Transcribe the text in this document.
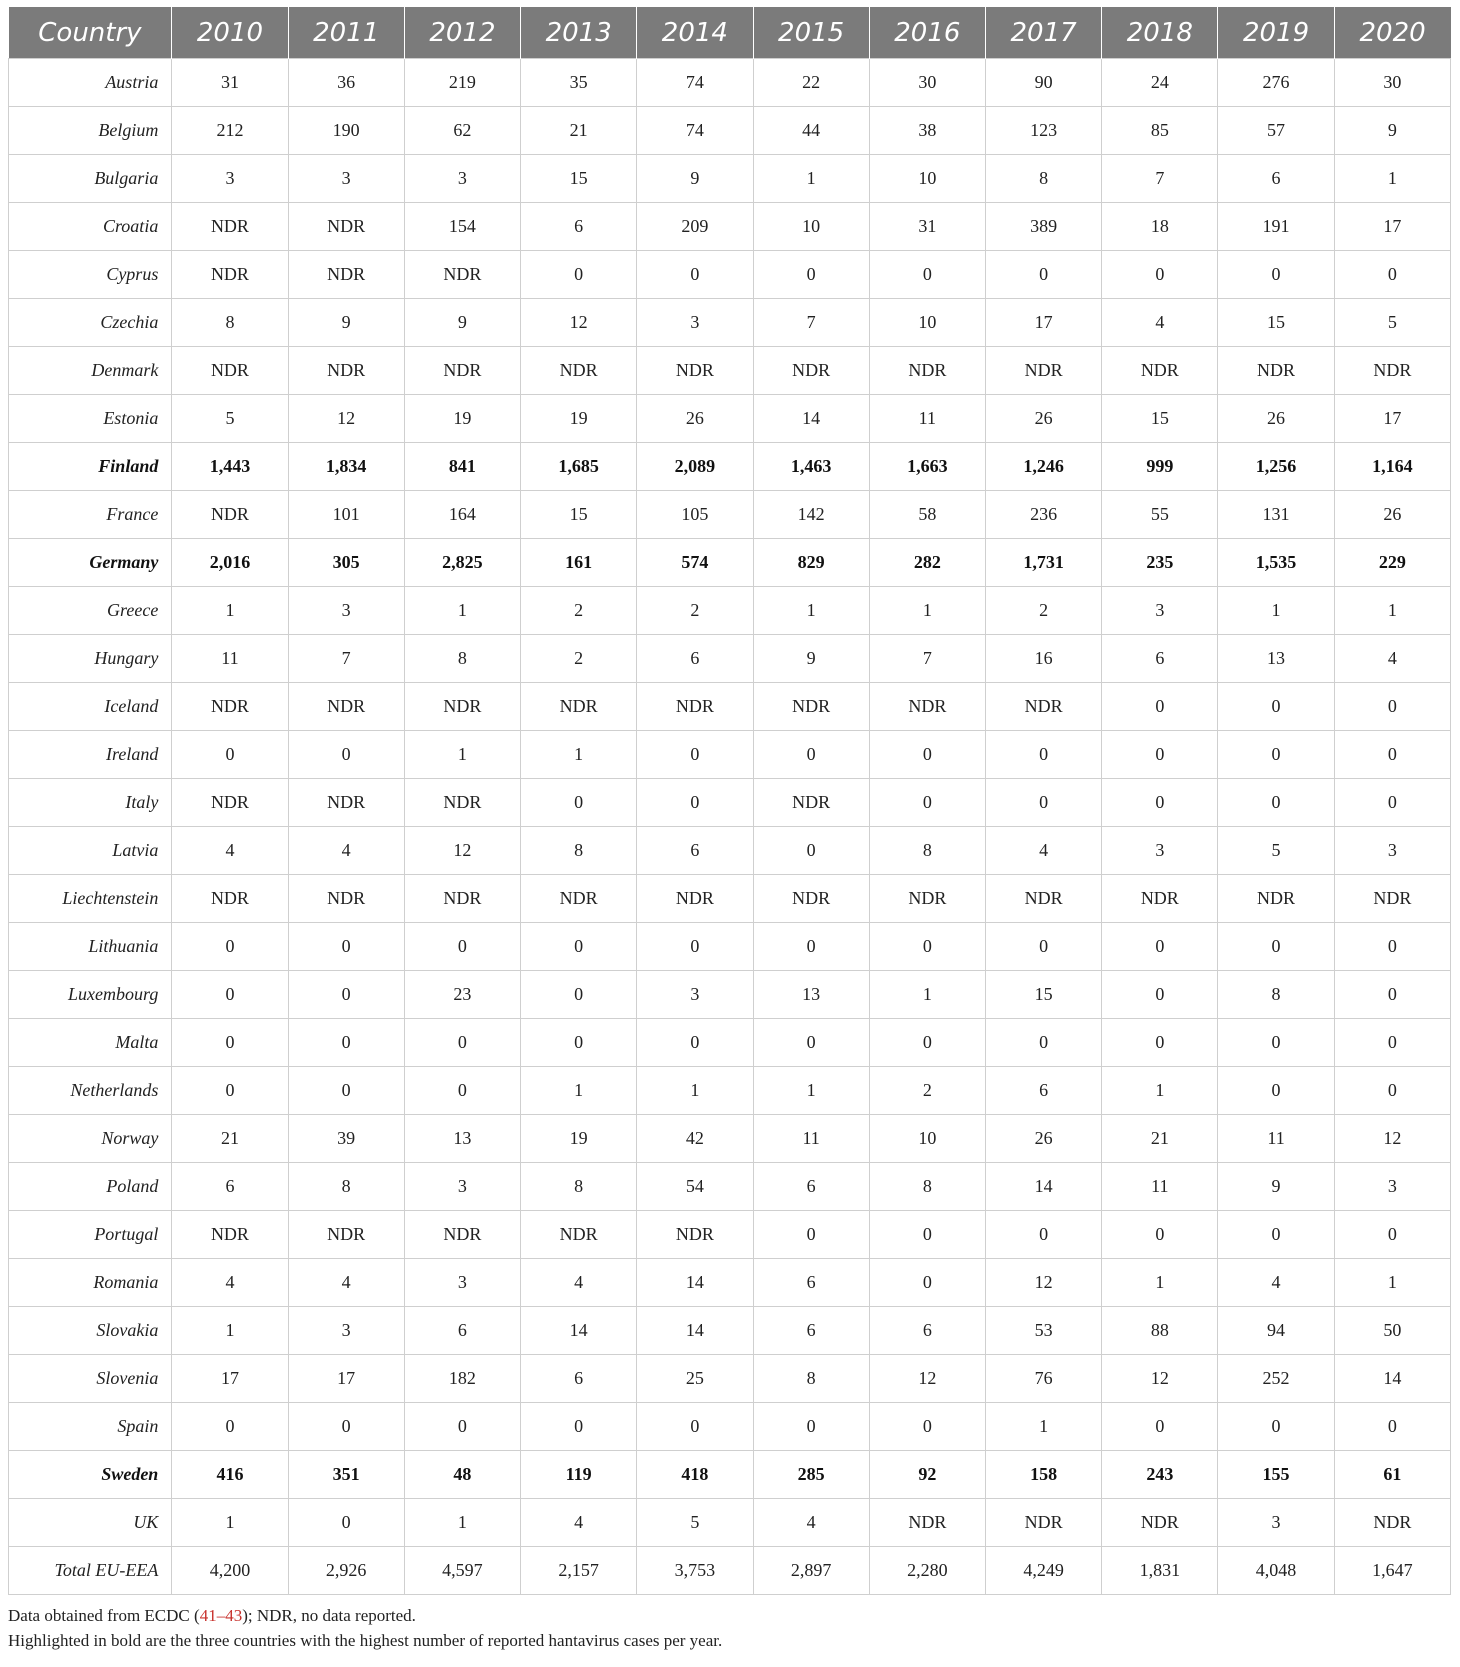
Country	2010	2011	2012	2013	2014	2015	2016	2017	2018	2019	2020
Austria	31	36	219	35	74	22	30	90	24	276	30
Belgium	212	190	62	21	74	44	38	123	85	57	9
Bulgaria	3	3	3	15	9	1	10	8	7	6	1
Croatia	NDR	NDR	154	6	209	10	31	389	18	191	17
Cyprus	NDR	NDR	NDR	0	0	0	0	0	0	0	0
Czechia	8	9	9	12	3	7	10	17	4	15	5
Denmark	NDR	NDR	NDR	NDR	NDR	NDR	NDR	NDR	NDR	NDR	NDR
Estonia	5	12	19	19	26	14	11	26	15	26	17
Finland	1,443	1,834	841	1,685	2,089	1,463	1,663	1,246	999	1,256	1,164
France	NDR	101	164	15	105	142	58	236	55	131	26
Germany	2,016	305	2,825	161	574	829	282	1,731	235	1,535	229
Greece	1	3	1	2	2	1	1	2	3	1	1
Hungary	11	7	8	2	6	9	7	16	6	13	4
Iceland	NDR	NDR	NDR	NDR	NDR	NDR	NDR	NDR	0	0	0
Ireland	0	0	1	1	0	0	0	0	0	0	0
Italy	NDR	NDR	NDR	0	0	NDR	0	0	0	0	0
Latvia	4	4	12	8	6	0	8	4	3	5	3
Liechtenstein	NDR	NDR	NDR	NDR	NDR	NDR	NDR	NDR	NDR	NDR	NDR
Lithuania	0	0	0	0	0	0	0	0	0	0	0
Luxembourg	0	0	23	0	3	13	1	15	0	8	0
Malta	0	0	0	0	0	0	0	0	0	0	0
Netherlands	0	0	0	1	1	1	2	6	1	0	0
Norway	21	39	13	19	42	11	10	26	21	11	12
Poland	6	8	3	8	54	6	8	14	11	9	3
Portugal	NDR	NDR	NDR	NDR	NDR	0	0	0	0	0	0
Romania	4	4	3	4	14	6	0	12	1	4	1
Slovakia	1	3	6	14	14	6	6	53	88	94	50
Slovenia	17	17	182	6	25	8	12	76	12	252	14
Spain	0	0	0	0	0	0	0	1	0	0	0
Sweden	416	351	48	119	418	285	92	158	243	155	61
UK	1	0	1	4	5	4	NDR	NDR	NDR	3	NDR
Total EU-EEA	4,200	2,926	4,597	2,157	3,753	2,897	2,280	4,249	1,831	4,048	1,647
Data obtained from ECDC (41–43); NDR, no data reported.
Highlighted in bold are the three countries with the highest number of reported hantavirus cases per year.
